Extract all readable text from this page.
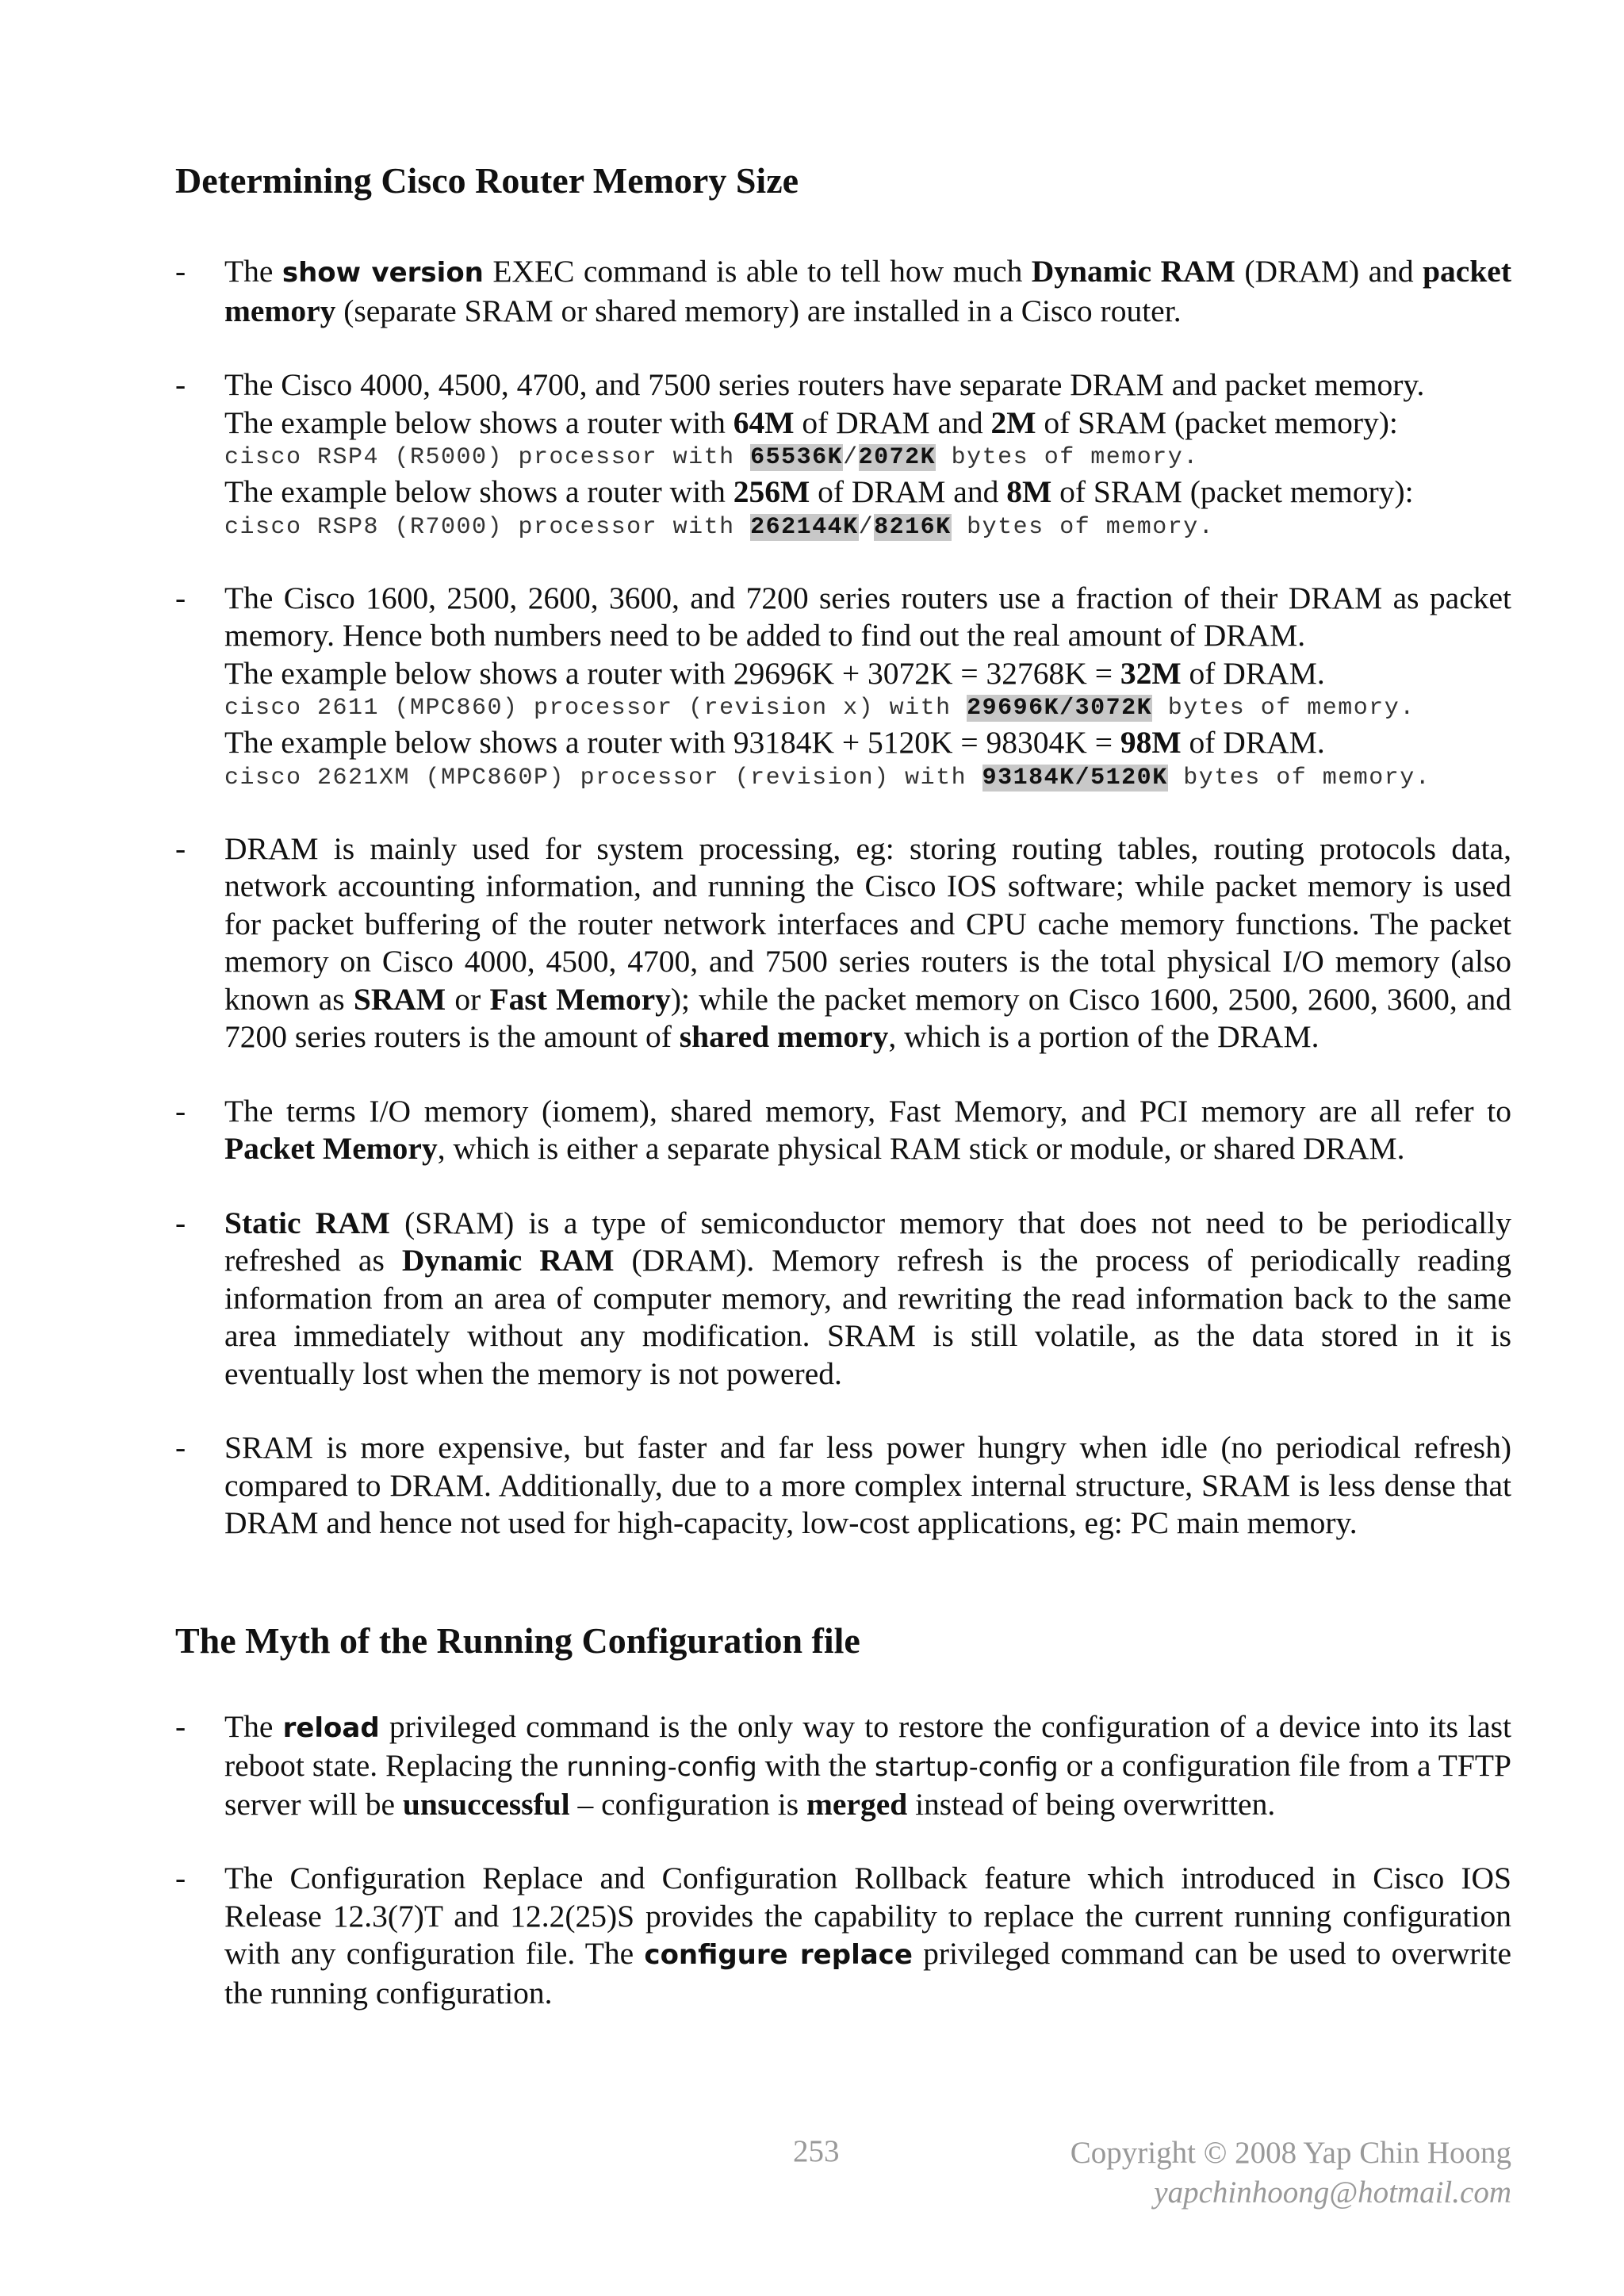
Determining Cisco Router Memory Size
- The show version EXEC command is able to tell how much Dynamic RAM (DRAM) and packet memory (separate SRAM or shared memory) are installed in a Cisco router.

- The Cisco 4000, 4500, 4700, and 7500 series routers have separate DRAM and packet memory.

The example below shows a router with 64M of DRAM and 2M of SRAM (packet memory):

cisco RSP4 (R5000) processor with 65536K/2072K bytes of memory.

The example below shows a router with 256M of DRAM and 8M of SRAM (packet memory):

cisco RSP8 (R7000) processor with 262144K/8216K bytes of memory.
- The Cisco 1600, 2500, 2600, 3600, and 7200 series routers use a fraction of their DRAM as packet memory. Hence both numbers need to be added to find out the real amount of DRAM.

The example below shows a router with 29696K + 3072K = 32768K = 32M of DRAM.

cisco 2611 (MPC860) processor (revision x) with 29696K/3072K bytes of memory.

The example below shows a router with 93184K + 5120K = 98304K = 98M of DRAM.

cisco 2621XM (MPC860P) processor (revision) with 93184K/5120K bytes of memory.
- DRAM is mainly used for system processing, eg: storing routing tables, routing protocols data, network accounting information, and running the Cisco IOS software; while packet memory is used for packet buffering of the router network interfaces and CPU cache memory functions. The packet memory on Cisco 4000, 4500, 4700, and 7500 series routers is the total physical I/O memory (also known as SRAM or Fast Memory); while the packet memory on Cisco 1600, 2500, 2600, 3600, and 7200 series routers is the amount of shared memory, which is a portion of the DRAM.

- The terms I/O memory (iomem), shared memory, Fast Memory, and PCI memory are all refer to Packet Memory, which is either a separate physical RAM stick or module, or shared DRAM.

- Static RAM (SRAM) is a type of semiconductor memory that does not need to be periodically refreshed as Dynamic RAM (DRAM). Memory refresh is the process of periodically reading information from an area of computer memory, and rewriting the read information back to the same area immediately without any modification. SRAM is still volatile, as the data stored in it is eventually lost when the memory is not powered.

- SRAM is more expensive, but faster and far less power hungry when idle (no periodical refresh) compared to DRAM. Additionally, due to a more complex internal structure, SRAM is less dense that DRAM and hence not used for high-capacity, low-cost applications, eg: PC main memory.

The Myth of the Running Configuration file
- The reload privileged command is the only way to restore the configuration of a device into its last reboot state. Replacing the running-config with the startup-config or a configuration file from a TFTP server will be unsuccessful – configuration is merged instead of being overwritten.

- The Configuration Replace and Configuration Rollback feature which introduced in Cisco IOS Release 12.3(7)T and 12.2(25)S provides the capability to replace the current running configuration with any configuration file. The configure replace privileged command can be used to overwrite the running configuration.

253	Copyright © 2008 Yap Chin Hoong
yapchinhoong@hotmail.com
